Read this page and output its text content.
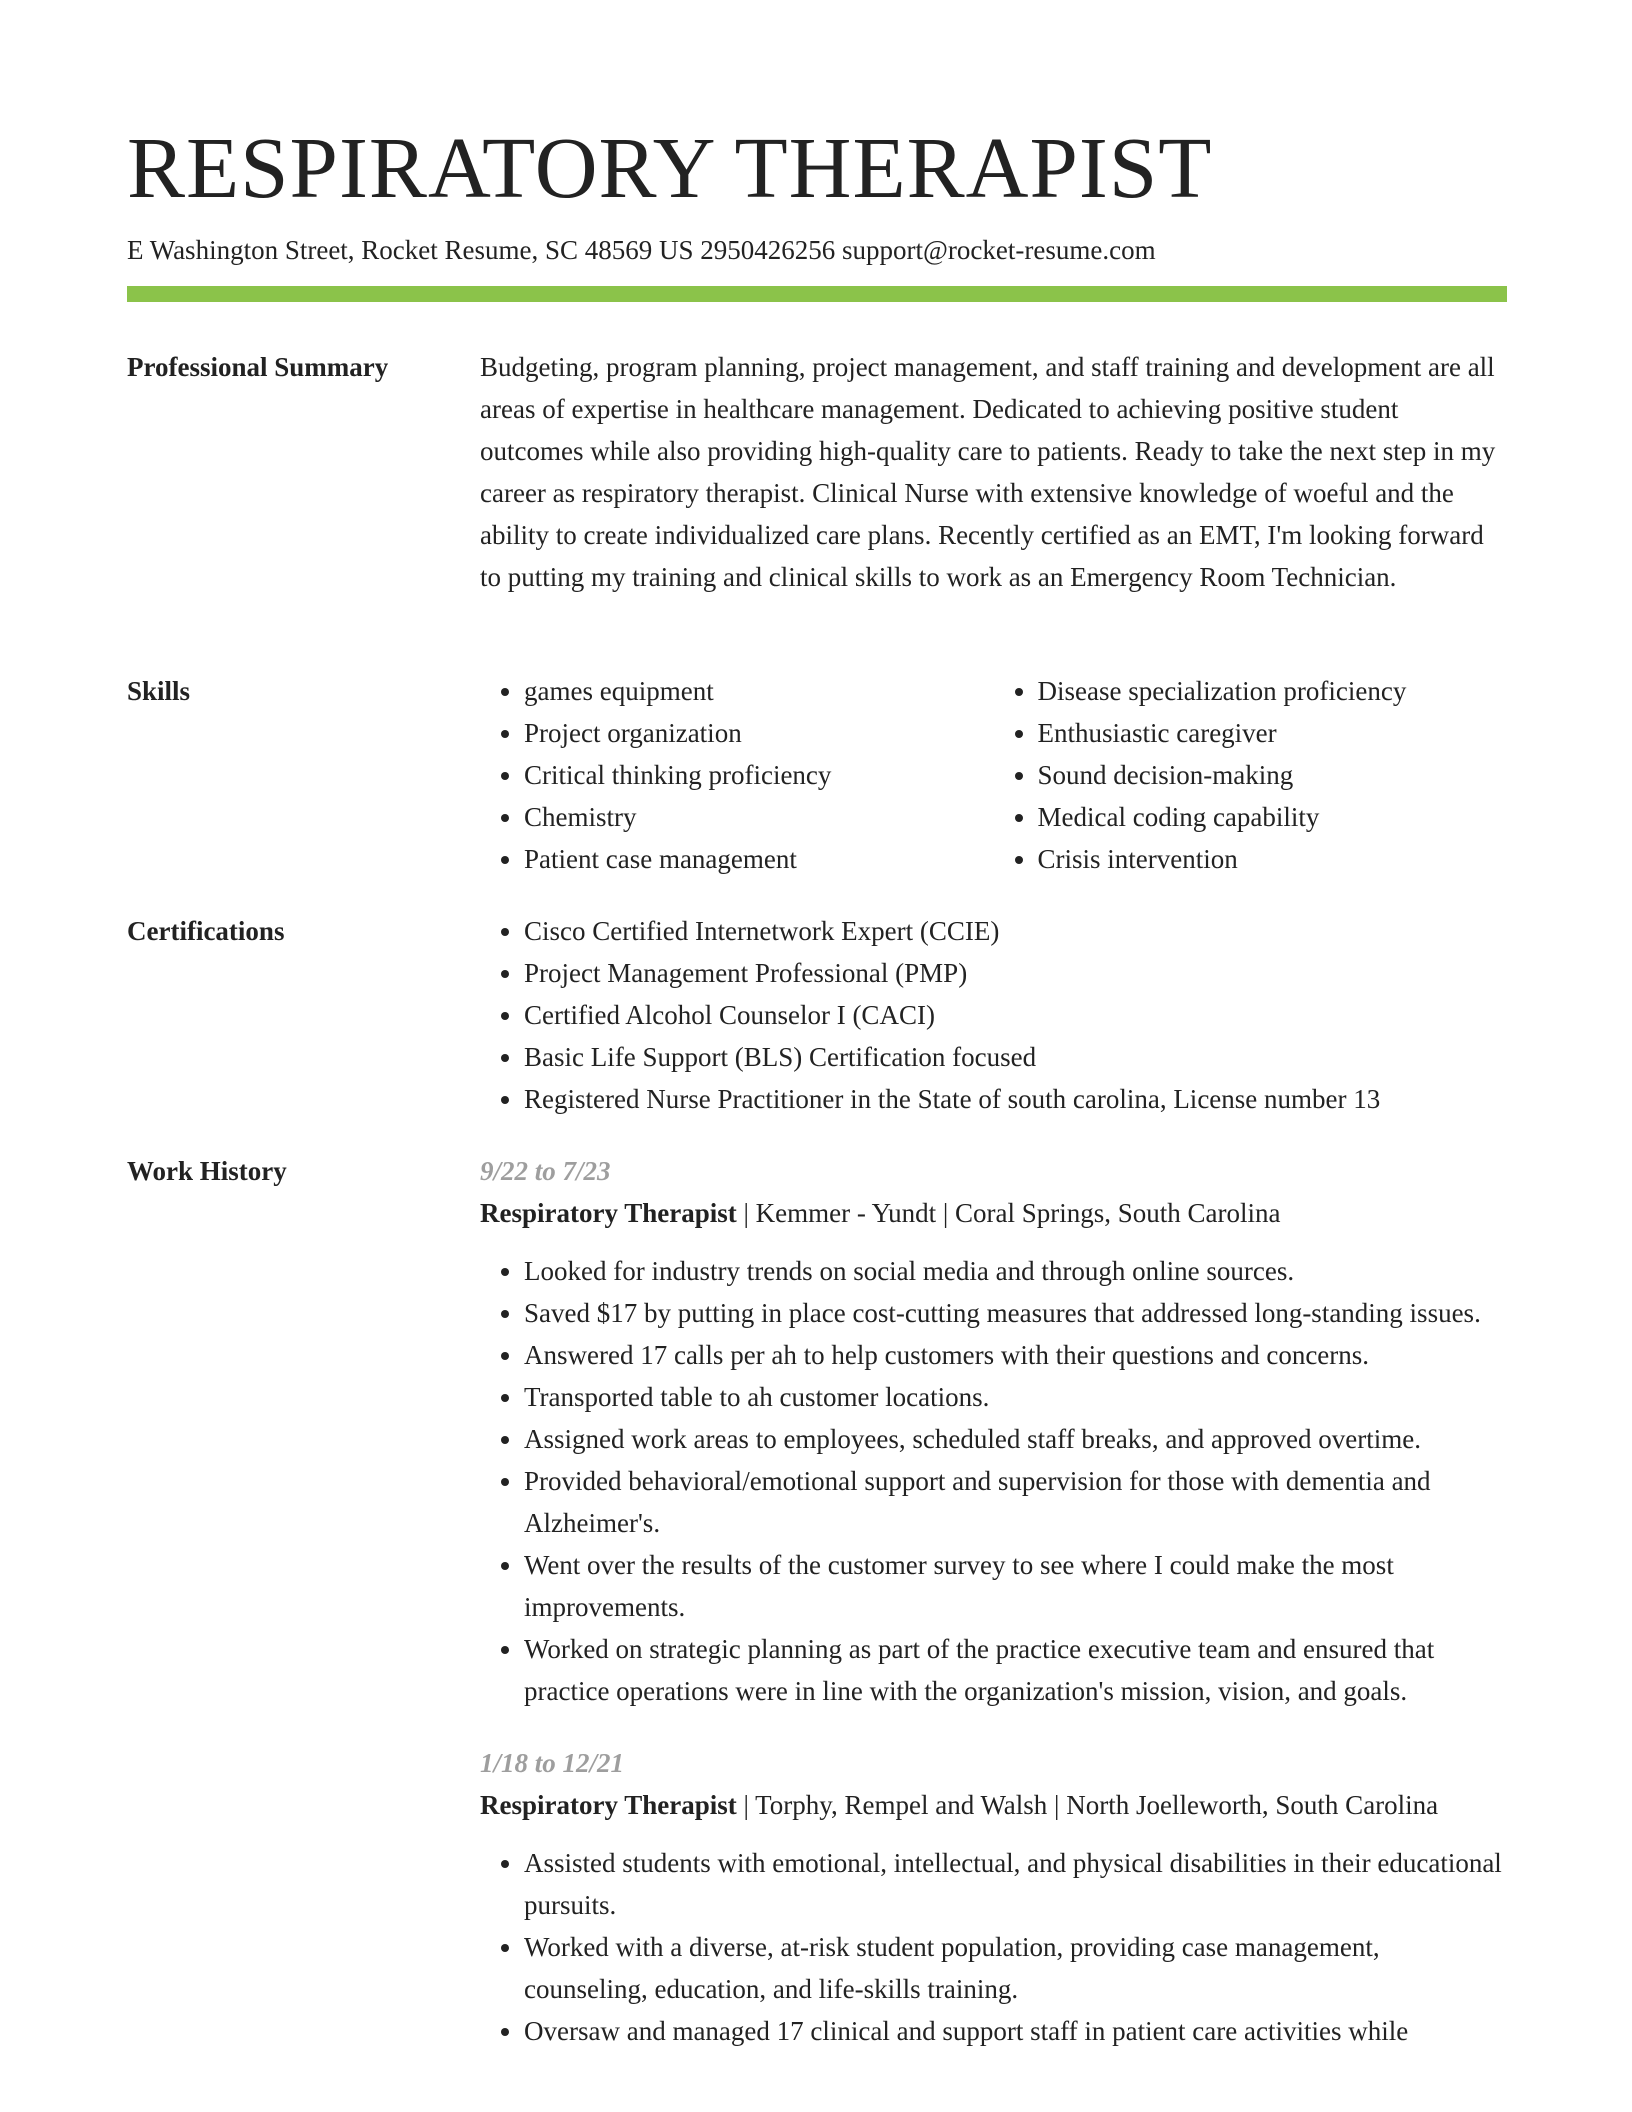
RESPIRATORY THERAPIST
E Washington Street, Rocket Resume, SC 48569 US 2950426256 support@rocket-resume.com
Professional Summary	Budgeting, program planning, project management, and staff training and development are all areas of expertise in healthcare management. Dedicated to achieving positive student outcomes while also providing high-quality care to patients. Ready to take the next step in my career as respiratory therapist. Clinical Nurse with extensive knowledge of woeful and the ability to create individualized care plans. Recently certified as an EMT, I'm looking forward to putting my training and clinical skills to work as an Emergency Room Technician.

Skills	• games equipment
• Project organization
• Critical thinking proficiency
• Chemistry
• Patient case management
• Disease specialization proficiency
• Enthusiastic caregiver
• Sound decision-making
• Medical coding capability
• Crisis intervention
Certifications	• Cisco Certified Internetwork Expert (CCIE)
• Project Management Professional (PMP)
• Certified Alcohol Counselor I (CACI)
• Basic Life Support (BLS) Certification focused
• Registered Nurse Practitioner in the State of south carolina, License number 13
Work History	9/22 to 7/23
Respiratory Therapist | Kemmer - Yundt | Coral Springs, South Carolina
• Looked for industry trends on social media and through online sources.
• Saved $17 by putting in place cost-cutting measures that addressed long-standing issues.
• Answered 17 calls per ah to help customers with their questions and concerns.
• Transported table to ah customer locations.
• Assigned work areas to employees, scheduled staff breaks, and approved overtime.
• Provided behavioral/emotional support and supervision for those with dementia and Alzheimer's.
• Went over the results of the customer survey to see where I could make the most improvements.
• Worked on strategic planning as part of the practice executive team and ensured that practice operations were in line with the organization's mission, vision, and goals.
1/18 to 12/21
Respiratory Therapist | Torphy, Rempel and Walsh | North Joelleworth, South Carolina
• Assisted students with emotional, intellectual, and physical disabilities in their educational pursuits.
• Worked with a diverse, at-risk student population, providing case management, counseling, education, and life-skills training.
• Oversaw and managed 17 clinical and support staff in patient care activities while
